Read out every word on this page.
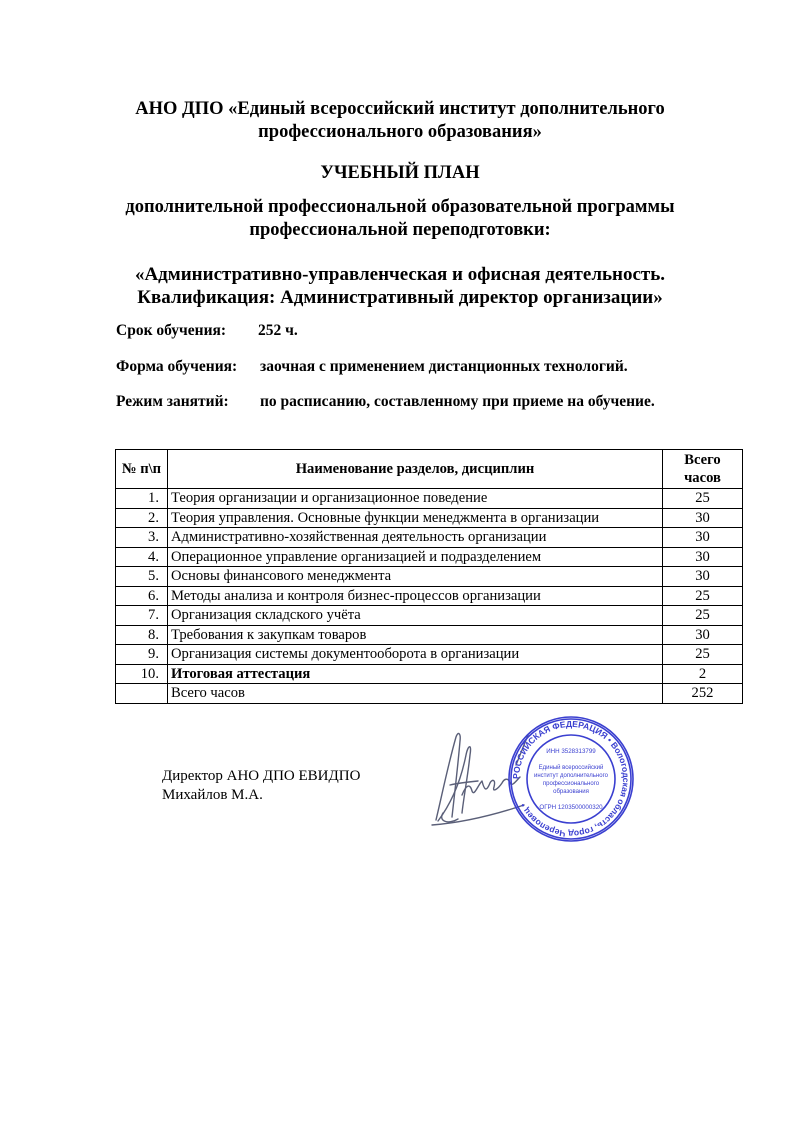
АНО ДПО «Единый всероссийский институт дополнительного
профессионального образования»
УЧЕБНЫЙ ПЛАН
дополнительной профессиональной образовательной программы
профессиональной переподготовки:
«Административно-управленческая и офисная деятельность.
Квалификация: Административный директор организации»
Срок обучения: 252 ч.
Форма обучения: заочная с применением дистанционных технологий.
Режим занятий: по расписанию, составленному при приеме на обучение.
№ п\п	Наименование разделов, дисциплин	Всего
часов

1.	Теория организации и организационное поведение	25
2.	Теория управления. Основные функции менеджмента в организации	30
3.	Административно-хозяйственная деятельность организации	30
4.	Операционное управление организацией и подразделением	30
5.	Основы финансового менеджмента	30
6.	Методы анализа и контроля бизнес-процессов организации	25
7.	Организация складского учёта	25
8.	Требования к закупкам товаров	30
9.	Организация системы документооборота в организации	25
10.	Итоговая аттестация	2
	Всего часов	252
Директор АНО ДПО ЕВИДПО
Михайлов М.А.
РОССИЙСКАЯ ФЕДЕРАЦИЯ • Вологодская область, город Череповец •
ИНН 3528313799
Единый всероссийский
институт дополнительного
профессионального
образования
ОГРН 1203500000320
